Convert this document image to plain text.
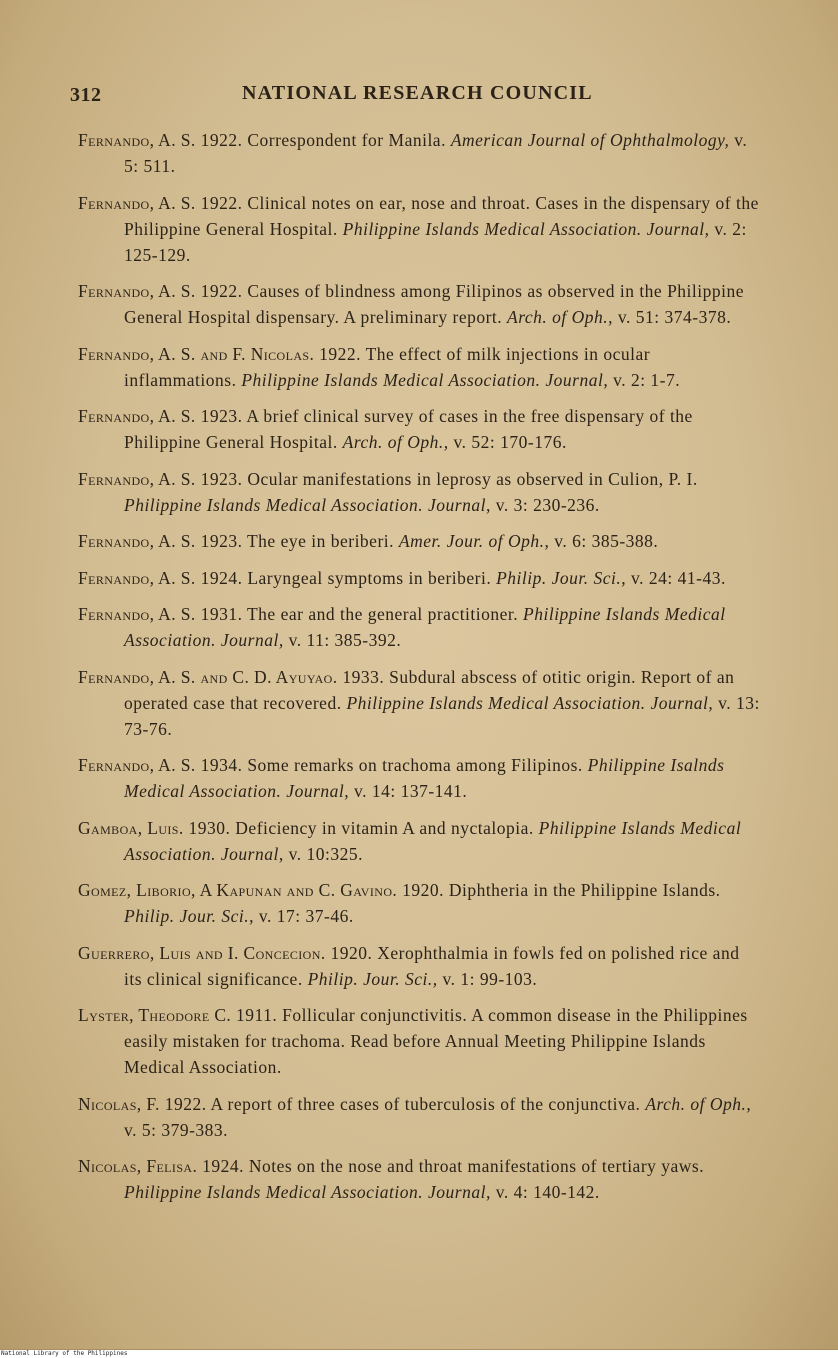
312	NATIONAL RESEARCH COUNCIL
Fernando, A. S. 1922. Correspondent for Manila. American Journal of Ophthalmology, v. 5: 511.
Fernando, A. S. 1922. Clinical notes on ear, nose and throat. Cases in the dispensary of the Philippine General Hospital. Philippine Islands Medical Association. Journal, v. 2: 125-129.
Fernando, A. S. 1922. Causes of blindness among Filipinos as observed in the Philippine General Hospital dispensary. A preliminary report. Arch. of Oph., v. 51: 374-378.
Fernando, A. S. and F. Nicolas. 1922. The effect of milk injections in ocular inflammations. Philippine Islands Medical Association. Journal, v. 2: 1-7.
Fernando, A. S. 1923. A brief clinical survey of cases in the free dispensary of the Philippine General Hospital. Arch. of Oph., v. 52: 170-176.
Fernando, A. S. 1923. Ocular manifestations in leprosy as observed in Culion, P. I. Philippine Islands Medical Association. Journal, v. 3: 230-236.
Fernando, A. S. 1923. The eye in beriberi. Amer. Jour. of Oph., v. 6: 385-388.
Fernando, A. S. 1924. Laryngeal symptoms in beriberi. Philip. Jour. Sci., v. 24: 41-43.
Fernando, A. S. 1931. The ear and the general practitioner. Philippine Islands Medical Association. Journal, v. 11: 385-392.
Fernando, A. S. and C. D. Ayuyao. 1933. Subdural abscess of otitic origin. Report of an operated case that recovered. Philippine Islands Medical Association. Journal, v. 13: 73-76.
Fernando, A. S. 1934. Some remarks on trachoma among Filipinos. Philippine Isalnds Medical Association. Journal, v. 14: 137-141.
Gamboa, Luis. 1930. Deficiency in vitamin A and nyctalopia. Philippine Islands Medical Association. Journal, v. 10:325.
Gomez, Liborio, A Kapunan and C. Gavino. 1920. Diphtheria in the Philippine Islands. Philip. Jour. Sci., v. 17: 37-46.
Guerrero, Luis and I. Concecion. 1920. Xerophthalmia in fowls fed on polished rice and its clinical significance. Philip. Jour. Sci., v. 1: 99-103.
Lyster, Theodore C. 1911. Follicular conjunctivitis. A common disease in the Philippines easily mistaken for trachoma. Read before Annual Meeting Philippine Islands Medical Association.
Nicolas, F. 1922. A report of three cases of tuberculosis of the conjunctiva. Arch. of Oph., v. 5: 379-383.
Nicolas, Felisa. 1924. Notes on the nose and throat manifestations of tertiary yaws. Philippine Islands Medical Association. Journal, v. 4: 140-142.
National Library of the Philippines
